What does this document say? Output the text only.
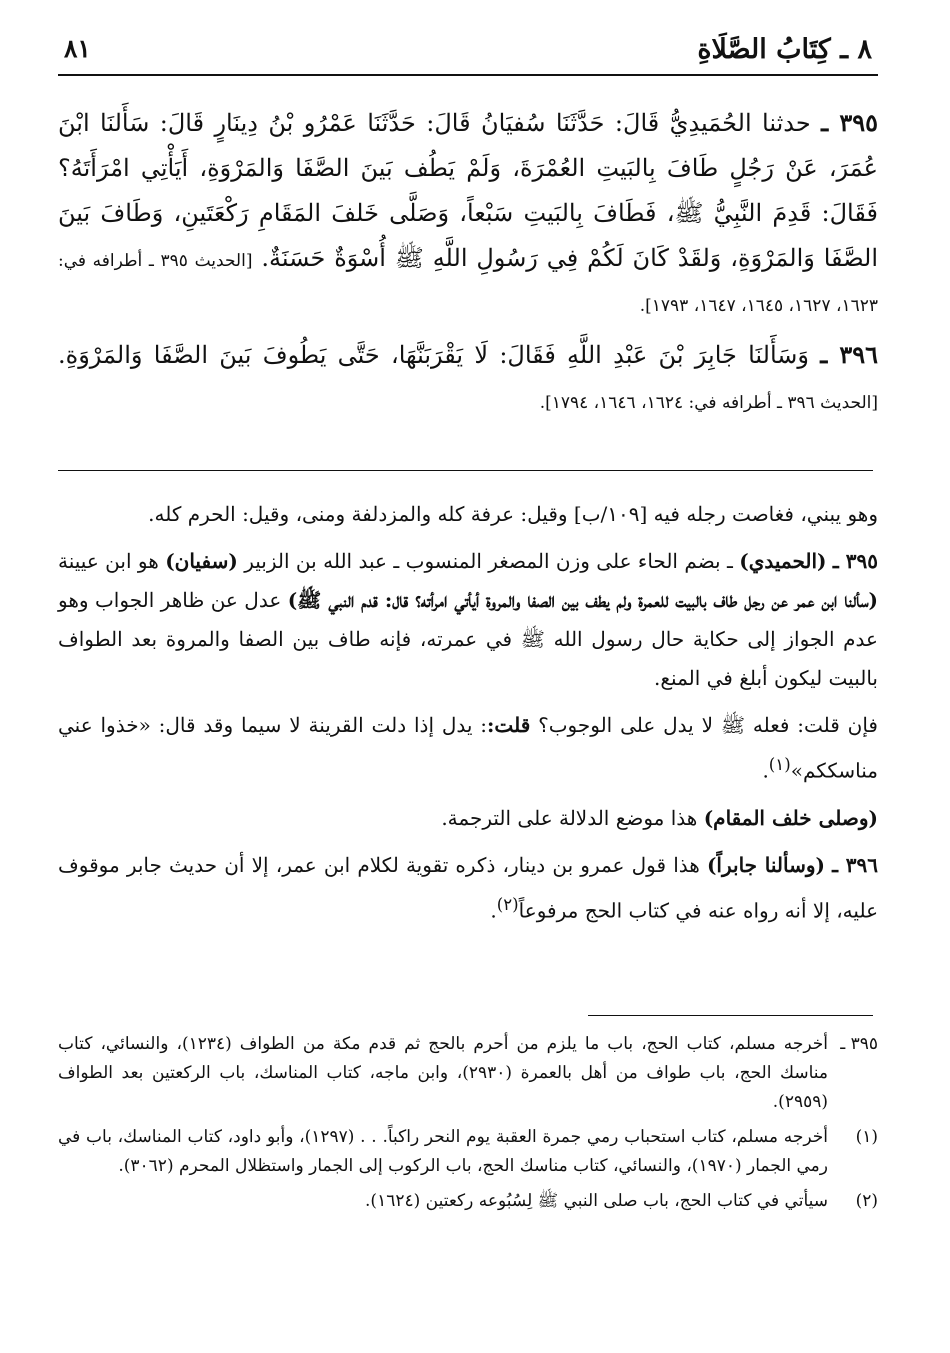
٨ ـ كِتَابُ الصَّلَاةِ
٨١

٣٩٥ ـ حدثنا الحُمَيدِيُّ قَالَ: حَدَّثَنَا سُفيَانُ قَالَ: حَدَّثَنَا عَمْرُو بْنُ دِينَارٍ قَالَ: سَأَلنَا ابْنَ عُمَرَ، عَنْ رَجُلٍ طَافَ بِالبَيتِ العُمْرَةَ، وَلَمْ يَطُف بَينَ الصَّفَا وَالمَرْوَةِ، أَيَأْتِي امْرَأَتَهُ؟ فَقَالَ: قَدِمَ النَّبِيُّ ﷺ، فَطَافَ بِالبَيتِ سَبْعاً، وَصَلَّى خَلفَ المَقَامِ رَكْعَتَينِ، وَطَافَ بَينَ الصَّفَا وَالمَرْوَةِ، وَلقَدْ كَانَ لَكُمْ فِي رَسُولِ اللَّهِ ﷺ أُسْوَةٌ حَسَنَةٌ. [الحديث ٣٩٥ ـ أطرافه في: ١٦٢٣، ١٦٢٧، ١٦٤٥، ١٦٤٧، ١٧٩٣].

٣٩٦ ـ وَسَأَلنَا جَابِرَ بْنَ عَبْدِ اللَّهِ فَقَالَ: لَا يَقْرَبَنَّهَا، حَتَّى يَطُوفَ بَينَ الصَّفَا وَالمَرْوَةِ. [الحديث ٣٩٦ ـ أطرافه في: ١٦٢٤، ١٦٤٦، ١٧٩٤].

وهو يبني، فغاصت رجله فيه [١٠٩/ب] وقيل: عرفة كله والمزدلفة ومنى، وقيل: الحرم كله.

٣٩٥ ـ (الحميدي) ـ بضم الحاء على وزن المصغر المنسوب ـ عبد الله بن الزبير (سفيان) هو ابن عيينة (سألنا ابن عمر عن رجل طاف بالبيت للعمرة ولم يطف بين الصفا والمروة أيأتي امرأته؟ قال: قدم النبي ﷺ) عدل عن ظاهر الجواب وهو عدم الجواز إلى حكاية حال رسول الله ﷺ في عمرته، فإنه طاف بين الصفا والمروة بعد الطواف بالبيت ليكون أبلغ في المنع.

فإن قلت: فعله ﷺ لا يدل على الوجوب؟ قلت:: يدل إذا دلت القرينة لا سيما وقد قال: «خذوا عني مناسككم»$^{(١)}$.

(وصلى خلف المقام) هذا موضع الدلالة على الترجمة.

٣٩٦ ـ (وسألنا جابراً) هذا قول عمرو بن دينار، ذكره تقوية لكلام ابن عمر، إلا أن حديث جابر موقوف عليه، إلا أنه رواه عنه في كتاب الحج مرفوعاً$^{(٢)}$.

٣٩٥ ـ
أخرجه مسلم، كتاب الحج، باب ما يلزم من أحرم بالحج ثم قدم مكة من الطواف (١٢٣٤)، والنسائي، كتاب مناسك الحج، باب طواف من أهل بالعمرة (٢٩٣٠)، وابن ماجه، كتاب المناسك، باب الركعتين بعد الطواف (٢٩٥٩).
(١)
أخرجه مسلم، كتاب استحباب رمي جمرة العقبة يوم النحر راكباً. . . (١٢٩٧)، وأبو داود، كتاب المناسك، باب في رمي الجمار (١٩٧٠)، والنسائي، كتاب مناسك الحج، باب الركوب إلى الجمار واستظلال المحرم (٣٠٦٢).
(٢)
سيأتي في كتاب الحج، باب صلى النبي ﷺ لِسُبُوعه ركعتين (١٦٢٤).
